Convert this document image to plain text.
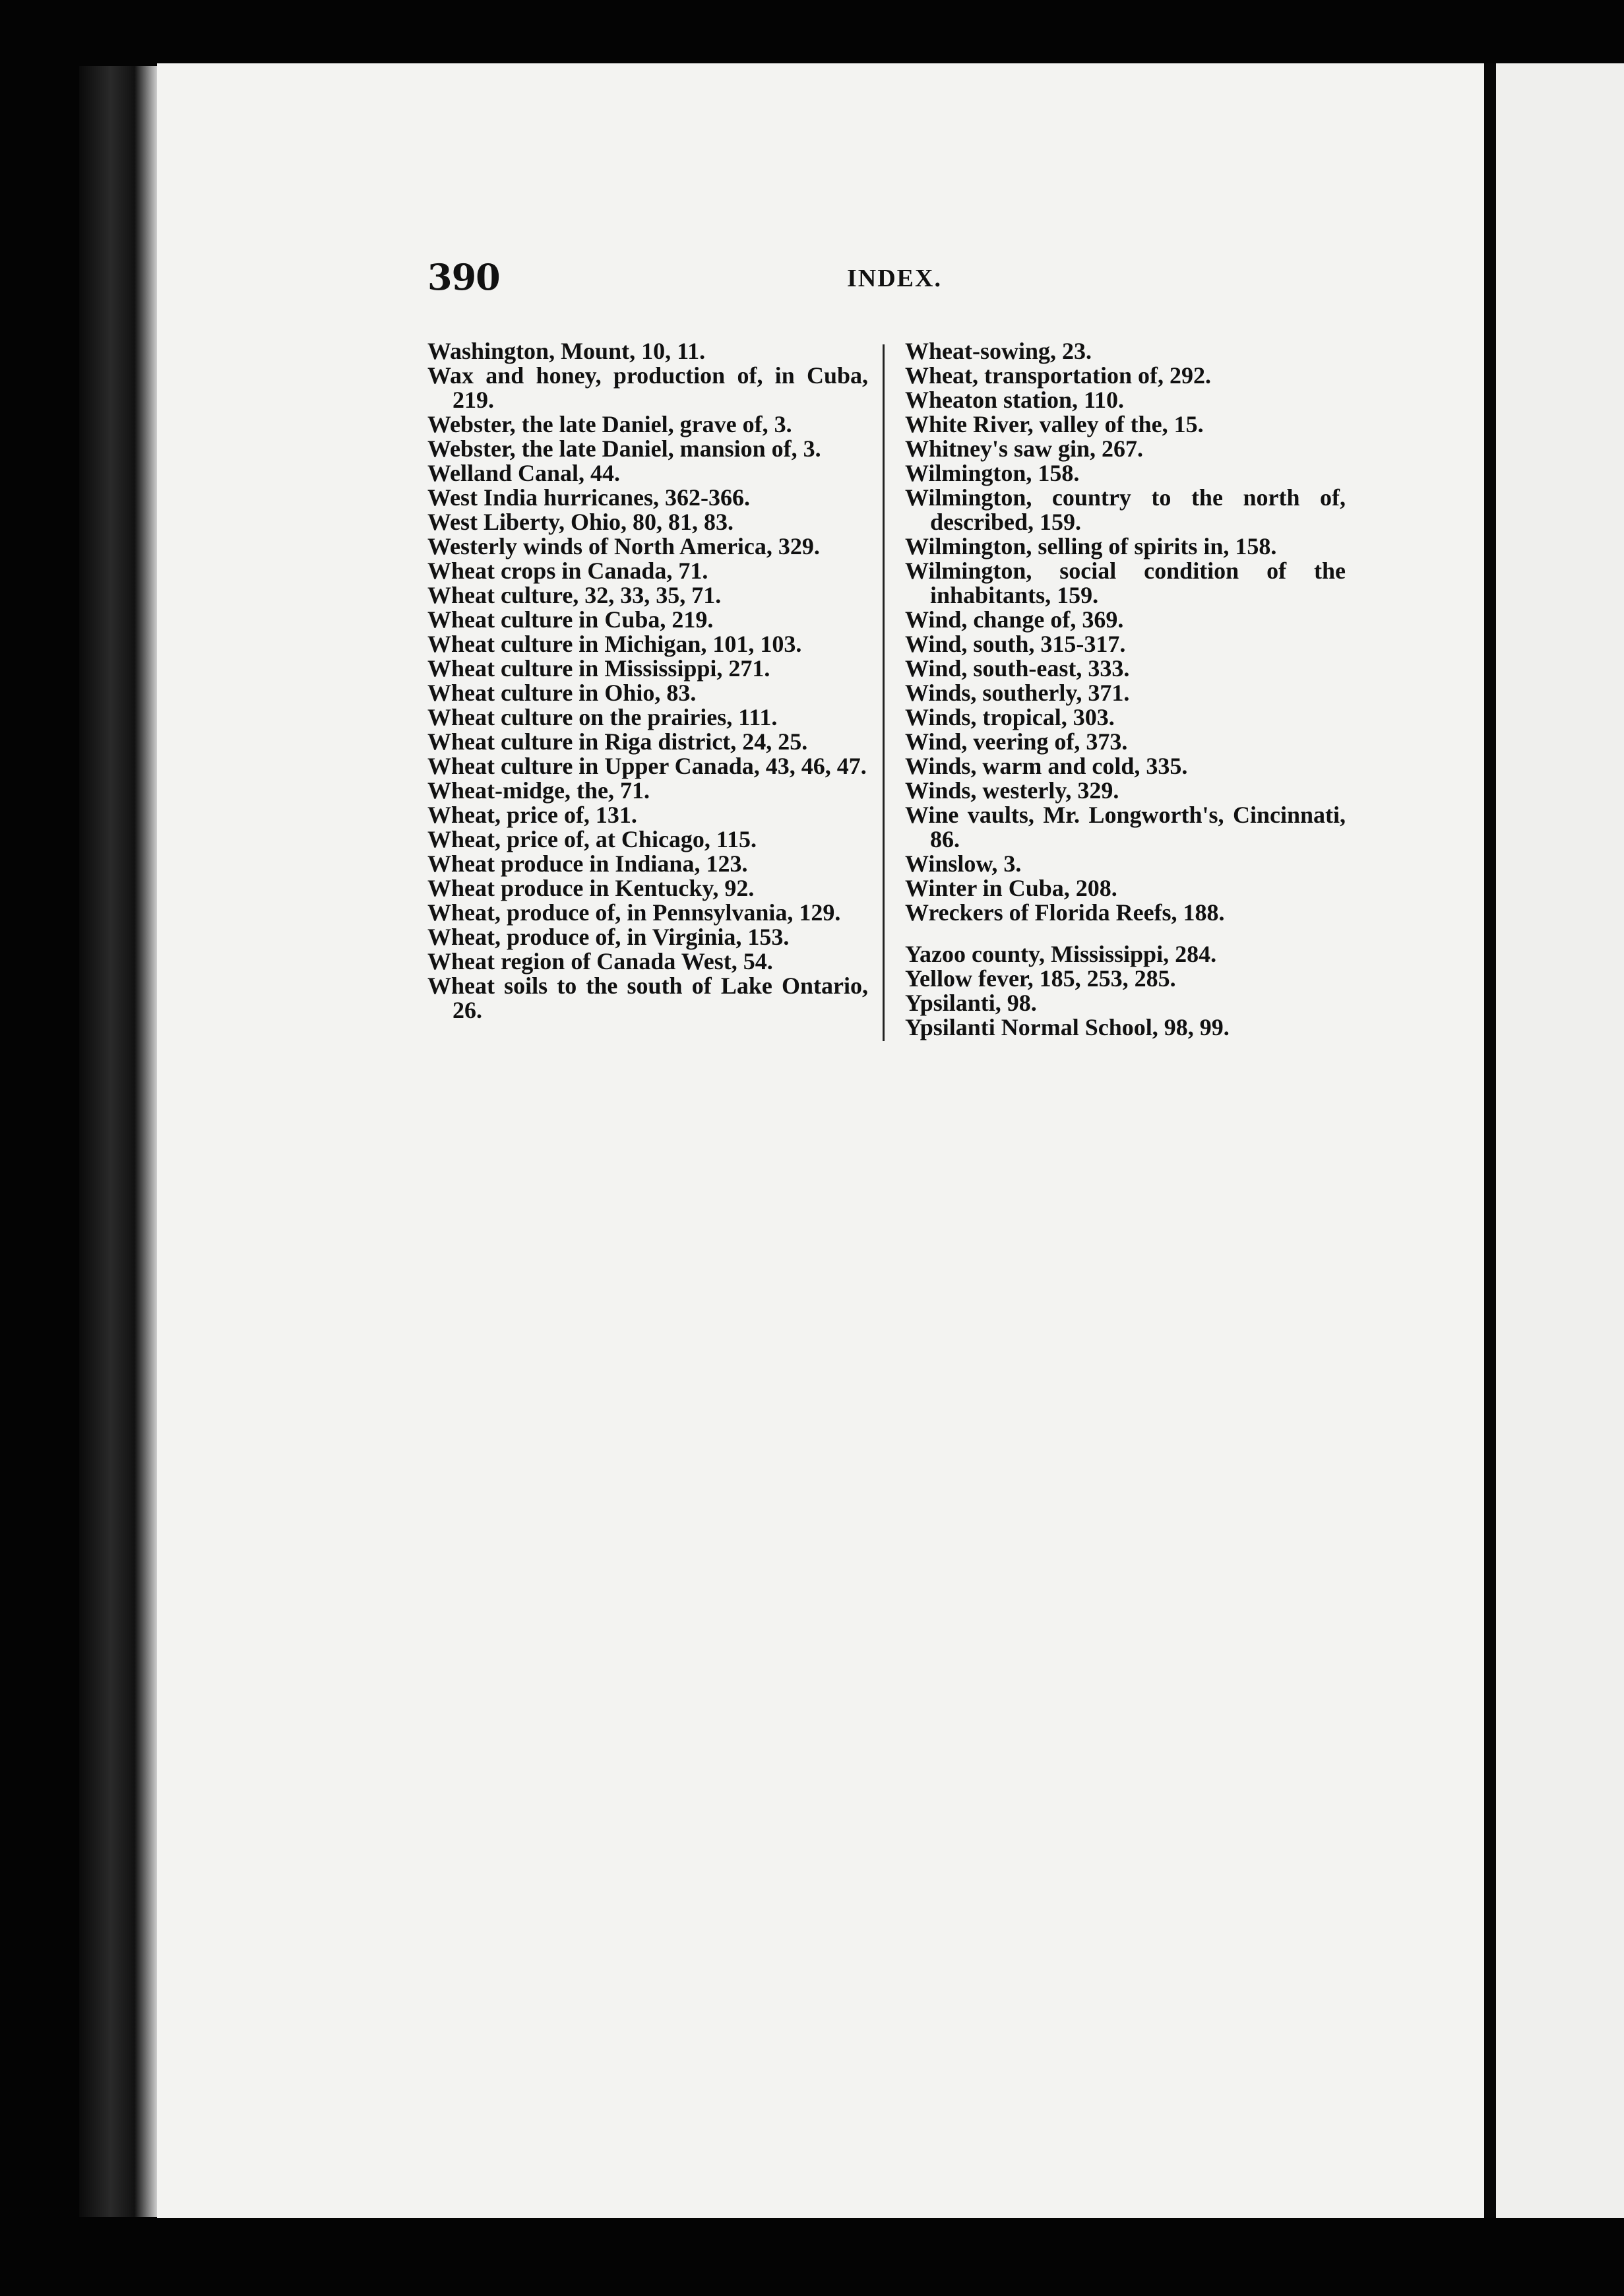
390	INDEX.
Washington, Mount, 10, 11.
Wax and honey, production of, in Cuba, 219.
Webster, the late Daniel, grave of, 3.
Webster, the late Daniel, mansion of, 3.
Welland Canal, 44.
West India hurricanes, 362-366.
West Liberty, Ohio, 80, 81, 83.
Westerly winds of North America, 329.
Wheat crops in Canada, 71.
Wheat culture, 32, 33, 35, 71.
Wheat culture in Cuba, 219.
Wheat culture in Michigan, 101, 103.
Wheat culture in Mississippi, 271.
Wheat culture in Ohio, 83.
Wheat culture on the prairies, 111.
Wheat culture in Riga district, 24, 25.
Wheat culture in Upper Canada, 43, 46, 47.
Wheat-midge, the, 71.
Wheat, price of, 131.
Wheat, price of, at Chicago, 115.
Wheat produce in Indiana, 123.
Wheat produce in Kentucky, 92.
Wheat, produce of, in Pennsylvania, 129.
Wheat, produce of, in Virginia, 153.
Wheat region of Canada West, 54.
Wheat soils to the south of Lake Ontario, 26.
Wheat-sowing, 23.
Wheat, transportation of, 292.
Wheaton station, 110.
White River, valley of the, 15.
Whitney's saw gin, 267.
Wilmington, 158.
Wilmington, country to the north of, described, 159.
Wilmington, selling of spirits in, 158.
Wilmington, social condition of the inhabitants, 159.
Wind, change of, 369.
Wind, south, 315-317.
Wind, south-east, 333.
Winds, southerly, 371.
Winds, tropical, 303.
Wind, veering of, 373.
Winds, warm and cold, 335.
Winds, westerly, 329.
Wine vaults, Mr. Longworth's, Cincinnati, 86.
Winslow, 3.
Winter in Cuba, 208.
Wreckers of Florida Reefs, 188.
Yazoo county, Mississippi, 284.
Yellow fever, 185, 253, 285.
Ypsilanti, 98.
Ypsilanti Normal School, 98, 99.
